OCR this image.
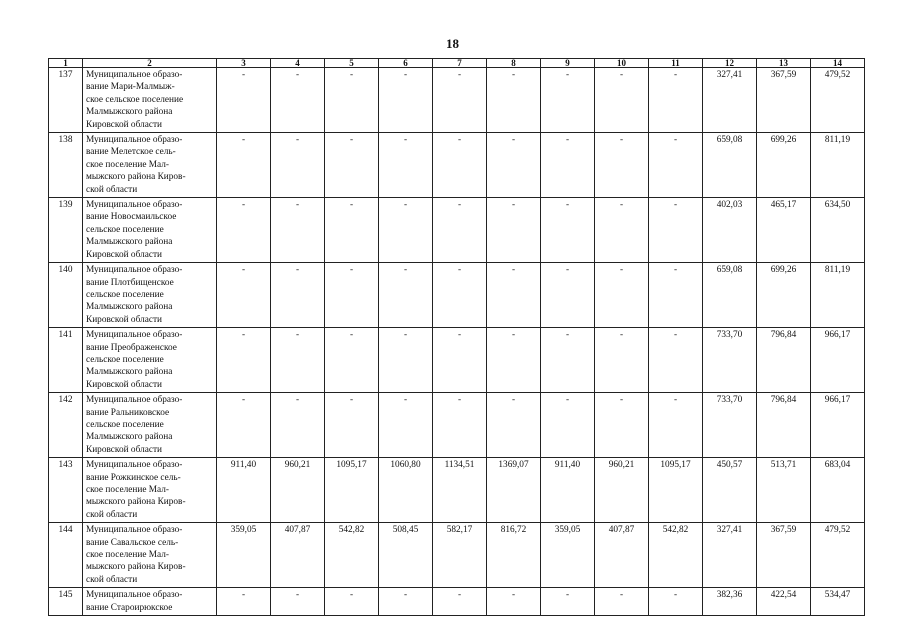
18
1	2	3	4	5	6	7	8	9	10	11	12	13	14
137	Муниципальное образо-
вание Мари-Малмыж-
ское сельское поселение
Малмыжского района
Кировской области	-	-	-	-	-	-	-	-	-	327,41	367,59	479,52
138	Муниципальное образо-
вание Мелетское сель-
ское поселение Мал-
мыжского района Киров-
ской области	-	-	-	-	-	-	-	-	-	659,08	699,26	811,19
139	Муниципальное образо-
вание Новосмаильское
сельское поселение
Малмыжского района
Кировской области	-	-	-	-	-	-	-	-	-	402,03	465,17	634,50
140	Муниципальное образо-
вание Плотбищенское
сельское поселение
Малмыжского района
Кировской области	-	-	-	-	-	-	-	-	-	659,08	699,26	811,19
141	Муниципальное образо-
вание Преображенское
сельское поселение
Малмыжского района
Кировской области	-	-	-	-	-	-	-	-	-	733,70	796,84	966,17
142	Муниципальное образо-
вание Ральниковское
сельское поселение
Малмыжского района
Кировской области	-	-	-	-	-	-	-	-	-	733,70	796,84	966,17
143	Муниципальное образо-
вание Рожкинское сель-
ское поселение Мал-
мыжского района Киров-
ской области	911,40	960,21	1095,17	1060,80	1134,51	1369,07	911,40	960,21	1095,17	450,57	513,71	683,04
144	Муниципальное образо-
вание Савальское сель-
ское поселение Мал-
мыжского района Киров-
ской области	359,05	407,87	542,82	508,45	582,17	816,72	359,05	407,87	542,82	327,41	367,59	479,52
145	Муниципальное образо-
вание Староирюкское	-	-	-	-	-	-	-	-	-	382,36	422,54	534,47
